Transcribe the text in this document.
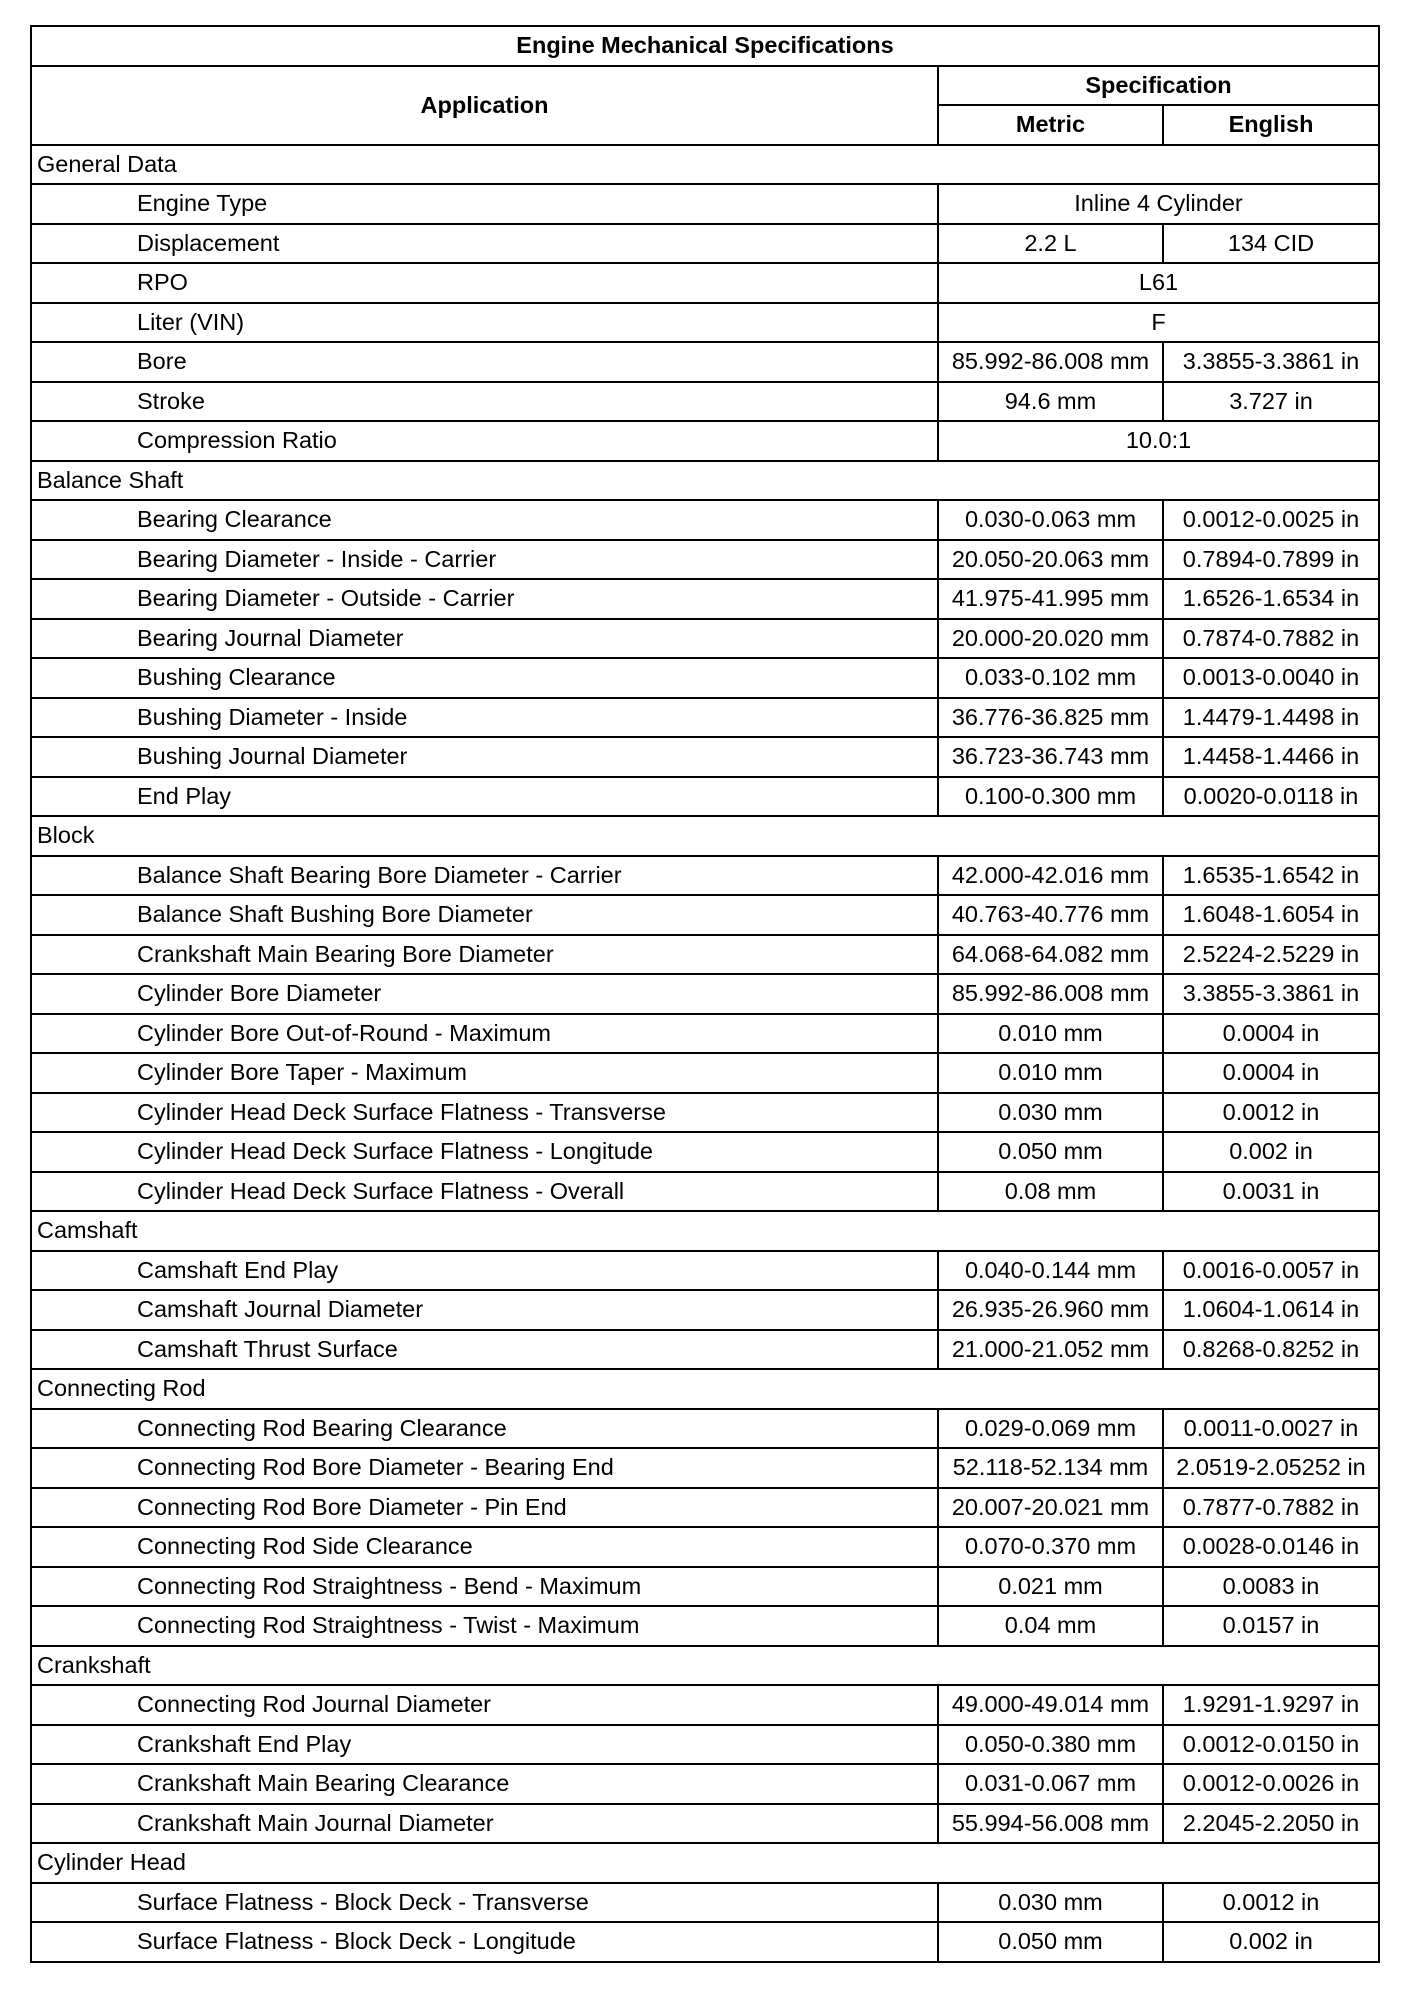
Engine Mechanical Specifications		
Application	Specification	
	Metric	English
General Data		
Engine Type	Inline 4 Cylinder	
Displacement	2.2 L	134 CID
RPO	L61	
Liter (VIN)	F	
Bore	85.992-86.008 mm	3.3855-3.3861 in
Stroke	94.6 mm	3.727 in
Compression Ratio	10.0:1	
Balance Shaft		
Bearing Clearance	0.030-0.063 mm	0.0012-0.0025 in
Bearing Diameter - Inside - Carrier	20.050-20.063 mm	0.7894-0.7899 in
Bearing Diameter - Outside - Carrier	41.975-41.995 mm	1.6526-1.6534 in
Bearing Journal Diameter	20.000-20.020 mm	0.7874-0.7882 in
Bushing Clearance	0.033-0.102 mm	0.0013-0.0040 in
Bushing Diameter - Inside	36.776-36.825 mm	1.4479-1.4498 in
Bushing Journal Diameter	36.723-36.743 mm	1.4458-1.4466 in
End Play	0.100-0.300 mm	0.0020-0.0118 in
Block		
Balance Shaft Bearing Bore Diameter - Carrier	42.000-42.016 mm	1.6535-1.6542 in
Balance Shaft Bushing Bore Diameter	40.763-40.776 mm	1.6048-1.6054 in
Crankshaft Main Bearing Bore Diameter	64.068-64.082 mm	2.5224-2.5229 in
Cylinder Bore Diameter	85.992-86.008 mm	3.3855-3.3861 in
Cylinder Bore Out-of-Round - Maximum	0.010 mm	0.0004 in
Cylinder Bore Taper - Maximum	0.010 mm	0.0004 in
Cylinder Head Deck Surface Flatness - Transverse	0.030 mm	0.0012 in
Cylinder Head Deck Surface Flatness - Longitude	0.050 mm	0.002 in
Cylinder Head Deck Surface Flatness - Overall	0.08 mm	0.0031 in
Camshaft		
Camshaft End Play	0.040-0.144 mm	0.0016-0.0057 in
Camshaft Journal Diameter	26.935-26.960 mm	1.0604-1.0614 in
Camshaft Thrust Surface	21.000-21.052 mm	0.8268-0.8252 in
Connecting Rod		
Connecting Rod Bearing Clearance	0.029-0.069 mm	0.0011-0.0027 in
Connecting Rod Bore Diameter - Bearing End	52.118-52.134 mm	2.0519-2.05252 in
Connecting Rod Bore Diameter - Pin End	20.007-20.021 mm	0.7877-0.7882 in
Connecting Rod Side Clearance	0.070-0.370 mm	0.0028-0.0146 in
Connecting Rod Straightness - Bend - Maximum	0.021 mm	0.0083 in
Connecting Rod Straightness - Twist - Maximum	0.04 mm	0.0157 in
Crankshaft		
Connecting Rod Journal Diameter	49.000-49.014 mm	1.9291-1.9297 in
Crankshaft End Play	0.050-0.380 mm	0.0012-0.0150 in
Crankshaft Main Bearing Clearance	0.031-0.067 mm	0.0012-0.0026 in
Crankshaft Main Journal Diameter	55.994-56.008 mm	2.2045-2.2050 in
Cylinder Head		
Surface Flatness - Block Deck - Transverse	0.030 mm	0.0012 in
Surface Flatness - Block Deck - Longitude	0.050 mm	0.002 in
